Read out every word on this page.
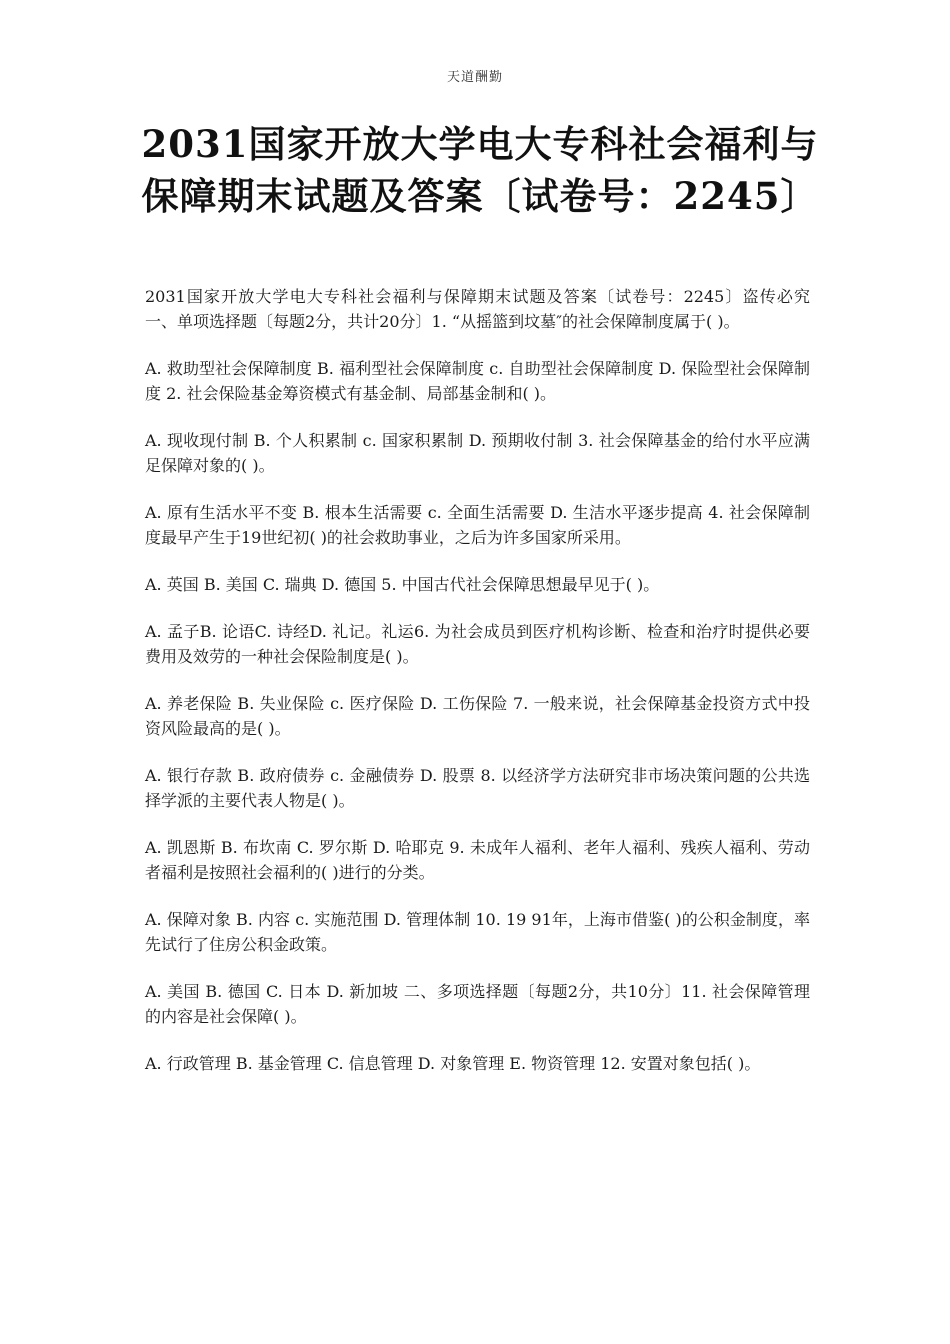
天道酬勤
2031国家开放大学电大专科社会福利与保障期末试题及答案〔试卷号：2245〕

2031国家开放大学电大专科社会福利与保障期末试题及答案〔试卷号：2245〕盗传必究　一、单项选择题〔每题2分，共计20分〕1. “从摇篮到坟墓″的社会保障制度属于( )。

A. 救助型社会保障制度 B. 福利型社会保障制度 c. 自助型社会保障制度 D. 保险型社会保障制度 2. 社会保险基金筹资模式有基金制、局部基金制和( )。

A. 现收现付制 B. 个人积累制 c. 国家积累制 D. 预期收付制 3. 社会保障基金的给付水平应满足保障对象的( )。

A. 原有生活水平不变 B. 根本生活需要 c. 全面生活需要 D. 生洁水平逐步提高 4. 社会保障制度最早产生于19世纪初( )的社会救助事业，之后为许多国家所采用。

A. 英国 B. 美国 C. 瑞典 D. 德国 5. 中国古代社会保障思想最早见于( )。

A. 孟子B. 论语C. 诗经D. 礼记。礼运6. 为社会成员到医疗机构诊断、检查和治疗时提供必要费用及效劳的一种社会保险制度是( )。

A. 养老保险 B. 失业保险 c. 医疗保险 D. 工伤保险 7. 一般来说，社会保障基金投资方式中投资风险最高的是( )。

A. 银行存款 B. 政府债券 c. 金融债券 D. 股票 8. 以经济学方法研究非市场决策问题的公共选择学派的主要代表人物是( )。

A. 凯恩斯 B. 布坎南 C. 罗尔斯 D. 哈耶克 9. 未成年人福利、老年人福利、残疾人福利、劳动者福利是按照社会福利的( )进行的分类。

A. 保障对象 B. 内容 c. 实施范围 D. 管理体制 10. 19 91年，上海市借鉴( )的公积金制度，率先试行了住房公积金政策。

A. 美国 B. 德国 C. 日本 D. 新加坡 二、多项选择题〔每题2分，共10分〕11. 社会保障管理的内容是社会保障( )。

A. 行政管理 B. 基金管理 C. 信息管理 D. 对象管理 E. 物资管理 12. 安置对象包括( )。
